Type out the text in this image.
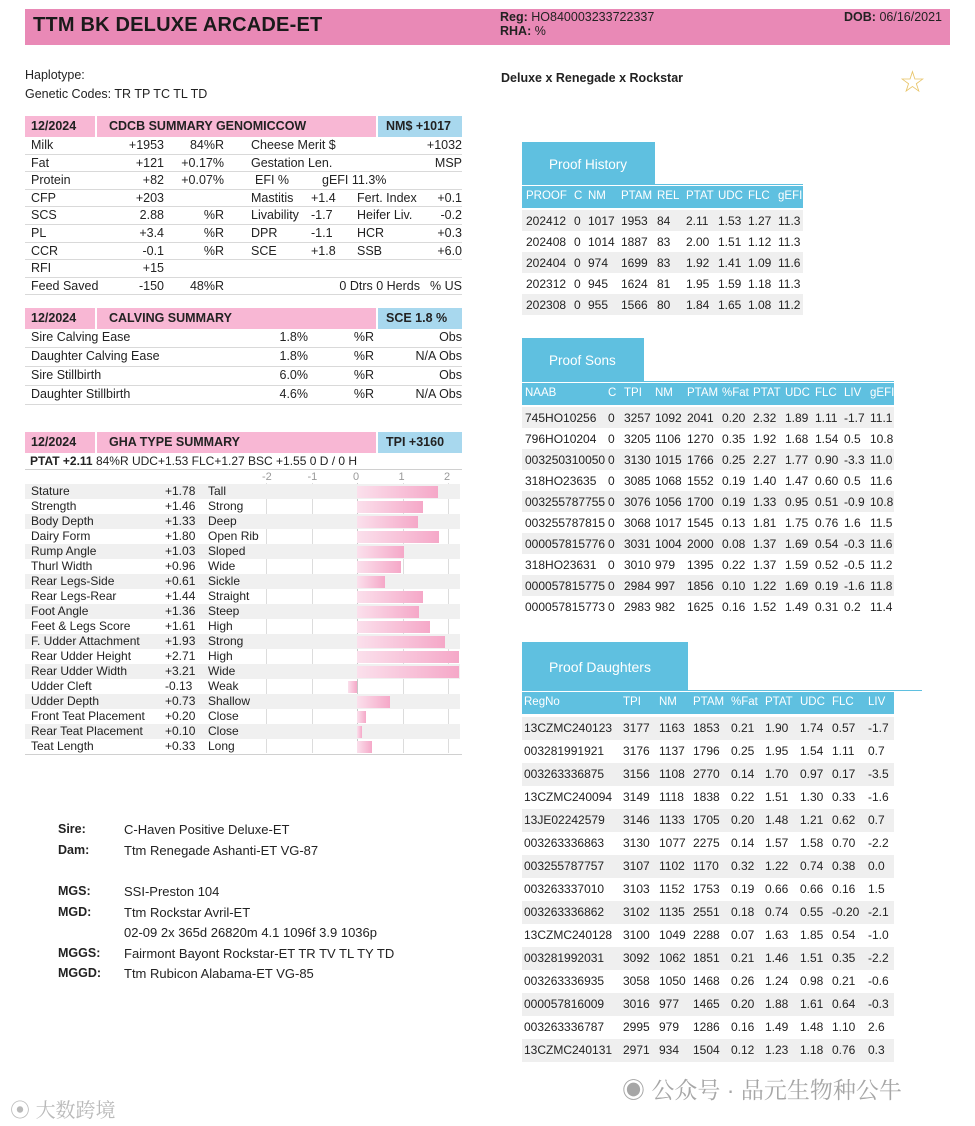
TTM BK DELUXE ARCADE-ET	Reg: HO840003233722337
RHA: %
DOB: 06/16/2021
Haplotype:
Genetic Codes: TR TP TC TL TD
Deluxe x Renegade x Rockstar	☆
12/2024	CDCB SUMMARY GENOMICCOW	NM$ +1017
Milk	+1953 84%R Cheese Merit $	+1032
Fat	+121 +0.17% Gestation Len.	MSP
Protein	+82 +0.07% EFI %	gEFI 11.3%
CFP	+203	Mastitis +1.4 Fert. Index +0.1
SCS	2.88	%R Livability -1.7 Heifer Liv. -0.2
PL	+3.4	%R DPR	-1.1 HCR	+0.3
CCR	-0.1	%R SCE	+1.8 SSB	+6.0
RFI	+15
Feed Saved	-150 48%R	0 Dtrs 0 Herds % US
12/2024	CALVING SUMMARY	SCE 1.8 %
Sire Calving Ease	1.8%	%R	Obs
Daughter Calving Ease	1.8%	%R	N/A Obs
Sire Stillbirth	6.0%	%R	Obs
Daughter Stillbirth	4.6%	%R	N/A Obs
12/2024	GHA TYPE SUMMARY	TPI +3160
PTAT +2.11 84%R UDC+1.53 FLC+1.27 BSC +1.55 0 D / 0 H
-2	-1	0	1	2
Stature	+1.78 Tall
Strength	+1.46 Strong
Body Depth	+1.33 Deep
Dairy Form	+1.80 Open Rib
Rump Angle	+1.03 Sloped
Thurl Width	+0.96 Wide
Rear Legs-Side	+0.61 Sickle
Rear Legs-Rear	+1.44 Straight
Foot Angle	+1.36 Steep
Feet & Legs Score	+1.61 High
F. Udder Attachment +1.93 Strong
Rear Udder Height	+2.71 High
Rear Udder Width	+3.21 Wide
Udder Cleft	-0.13 Weak
Udder Depth	+0.73 Shallow
Front Teat Placement +0.20 Close
Rear Teat Placement +0.10 Close
Teat Length	+0.33 Long
Sire:	C-Haven Positive Deluxe-ET
Dam:	Ttm Renegade Ashanti-ET VG-87
MGS:	SSI-Preston 104
MGD:	Ttm Rockstar Avril-ET
02-09 2x 365d 26820m 4.1 1096f 3.9 1036p
MGGS: Fairmont Bayont Rockstar-ET TR TV TL TY TD
MGGD: Ttm Rubicon Alabama-ET VG-85
Proof History
PROOF C NM PTAM REL PTAT UDC FLC gEFI
202412 0 1017 1953 84 2.11 1.53 1.27 11.3
202408 0 1014 1887 83 2.00 1.51 1.12 11.3
202404 0 974 1699 83 1.92 1.41 1.09 11.6
202312 0 945 1624 81 1.95 1.59 1.18 11.3
202308 0 955 1566 80 1.84 1.65 1.08 11.2
Proof Sons
NAAB	C TPI NM PTAM %Fat PTAT UDC FLC LIV gEFI
745HO10256 0 3257 1092 2041 0.20 2.32 1.89 1.11 -1.7 11.1
796HO10204 0 3205 1106 1270 0.35 1.92 1.68 1.54 0.5 10.8
003250310050 0 3130 1015 1766 0.25 2.27 1.77 0.90 -3.3 11.0
318HO23635 0 3085 1068 1552 0.19 1.40 1.47 0.60 0.5 11.6
003255787755 0 3076 1056 1700 0.19 1.33 0.95 0.51 -0.9 10.8
003255787815 0 3068 1017 1545 0.13 1.81 1.75 0.76 1.6 11.5
000057815776 0 3031 1004 2000 0.08 1.37 1.69 0.54 -0.3 11.6
318HO23631 0 3010 979 1395 0.22 1.37 1.59 0.52 -0.5 11.2
000057815775 0 2984 997 1856 0.10 1.22 1.69 0.19 -1.6 11.8
000057815773 0 2983 982 1625 0.16 1.52 1.49 0.31 0.2 11.4
Proof Daughters
RegNo	TPI NM PTAM %Fat PTAT UDC FLC LIV
13CZMC240123 3177 1163 1853 0.21 1.90 1.74 0.57 -1.7
003281991921 3176 1137 1796 0.25 1.95 1.54 1.11 0.7
003263336875 3156 1108 2770 0.14 1.70 0.97 0.17 -3.5
13CZMC240094 3149 1118 1838 0.22 1.51 1.30 0.33 -1.6
13JE02242579 3146 1133 1705 0.20 1.48 1.21 0.62 0.7
003263336863 3130 1077 2275 0.14 1.57 1.58 0.70 -2.2
003255787757 3107 1102 1170 0.32 1.22 0.74 0.38 0.0
003263337010 3103 1152 1753 0.19 0.66 0.66 0.16 1.5
003263336862 3102 1135 2551 0.18 0.74 0.55 -0.20 -2.1
13CZMC240128 3100 1049 2288 0.07 1.63 1.85 0.54 -1.0
003281992031 3092 1062 1851 0.21 1.46 1.51 0.35 -2.2
003263336935 3058 1050 1468 0.26 1.24 0.98 0.21 -0.6
000057816009 3016 977 1465 0.20 1.88 1.61 0.64 -0.3
003263336787 2995 979 1286 0.16 1.49 1.48 1.10 2.6
13CZMC240131 2971 934 1504 0.12 1.23 1.18 0.76 0.3
⦿ 大数跨境
◉ 公众号 · 品元生物种公牛
